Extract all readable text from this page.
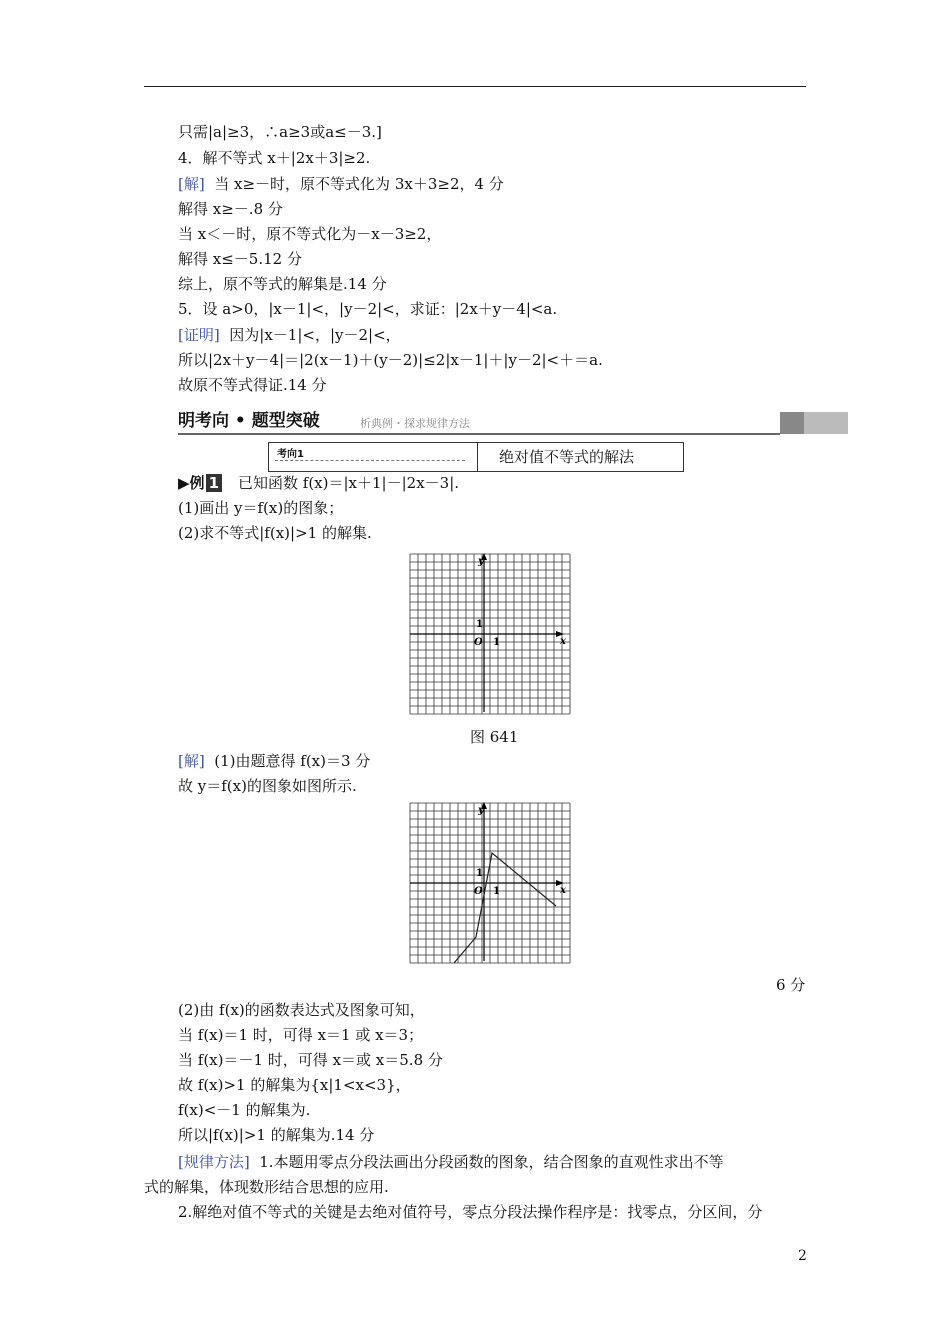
只需|a|≥3，∴a≥3或a≤－3.]
4．解不等式 x＋|2x＋3|≥2.
[解] 当 x≥－时，原不等式化为 3x＋3≥2，4 分
解得 x≥－.8 分
当 x＜－时，原不等式化为－x－3≥2，
解得 x≤－5.12 分
综上，原不等式的解集是.14 分
5．设 a>0，|x－1|<，|y－2|<，求证：|2x＋y－4|<a.
[证明] 因为|x－1|<，|y－2|<，
所以|2x＋y－4|＝|2(x－1)＋(y－2)|≤2|x－1|＋|y－2|<＋＝a.
故原不等式得证.14 分
明考向 • 题型突破	析典例・探求规律方法
考向1	绝对值不等式的解法
▶例 1 已知函数 f(x)＝|x＋1|－|2x－3|.
(1)画出 y＝f(x)的图象；
(2)求不等式|f(x)|>1 的解集.
y
x
O 1
1
图 641
[解] (1)由题意得 f(x)＝3 分
故 y＝f(x)的图象如图所示.
y
x
O 1
1
6 分
(2)由 f(x)的函数表达式及图象可知，
当 f(x)＝1 时，可得 x＝1 或 x＝3；
当 f(x)＝－1 时，可得 x＝或 x＝5.8 分
故 f(x)>1 的解集为{x|1<x<3}，
f(x)<－1 的解集为.
所以|f(x)|>1 的解集为.14 分
[规律方法] 1.本题用零点分段法画出分段函数的图象，结合图象的直观性求出不等
式的解集，体现数形结合思想的应用.
2.解绝对值不等式的关键是去绝对值符号，零点分段法操作程序是：找零点，分区间，分
2
